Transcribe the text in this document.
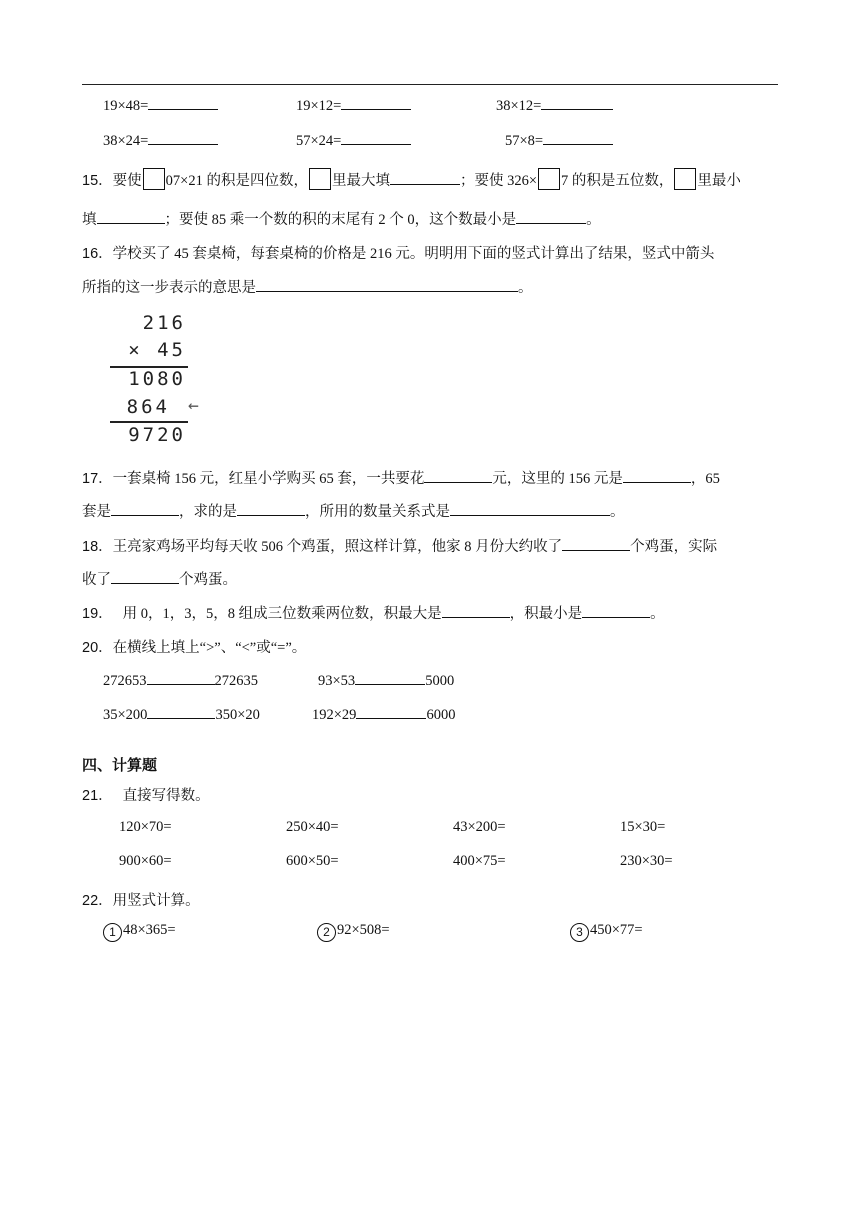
19×48=	19×12=	38×12=
38×24=	57×24=	57×8=
15．要使 07×21 的积是四位数， 里最大填	；要使 326× 7 的积是五位数， 里最小
填	；要使 85 乘一个数的积的末尾有 2 个 0，这个数最小是	。
16．学校买了 45 套桌椅，每套桌椅的价格是 216 元。明明用下面的竖式计算出了结果，竖式中箭头
所指的这一步表示的意思是	。
216
× 45
1080
864 ←
9720
17．一套桌椅 156 元，红星小学购买 65 套，一共要花	元，这里的 156 元是	，65
套是	，求的是	，所用的数量关系式是	。
18．王亮家鸡场平均每天收 506 个鸡蛋，照这样计算，他家 8 月份大约收了	个鸡蛋，实际
收了	个鸡蛋。
19． 用 0，1，3，5，8 组成三位数乘两位数，积最大是	，积最小是	。
20．在横线上填上“>”、“<”或“=”。
272653	272635	93×53	5000
35×200	350×20	192×29	6000
四、计算题
21． 直接写得数。
120×70=	250×40=	43×200=	15×30=
900×60=	600×50=	400×75=	230×30=
22．用竖式计算。
1 48×365=	2 92×508=	3 450×77=
